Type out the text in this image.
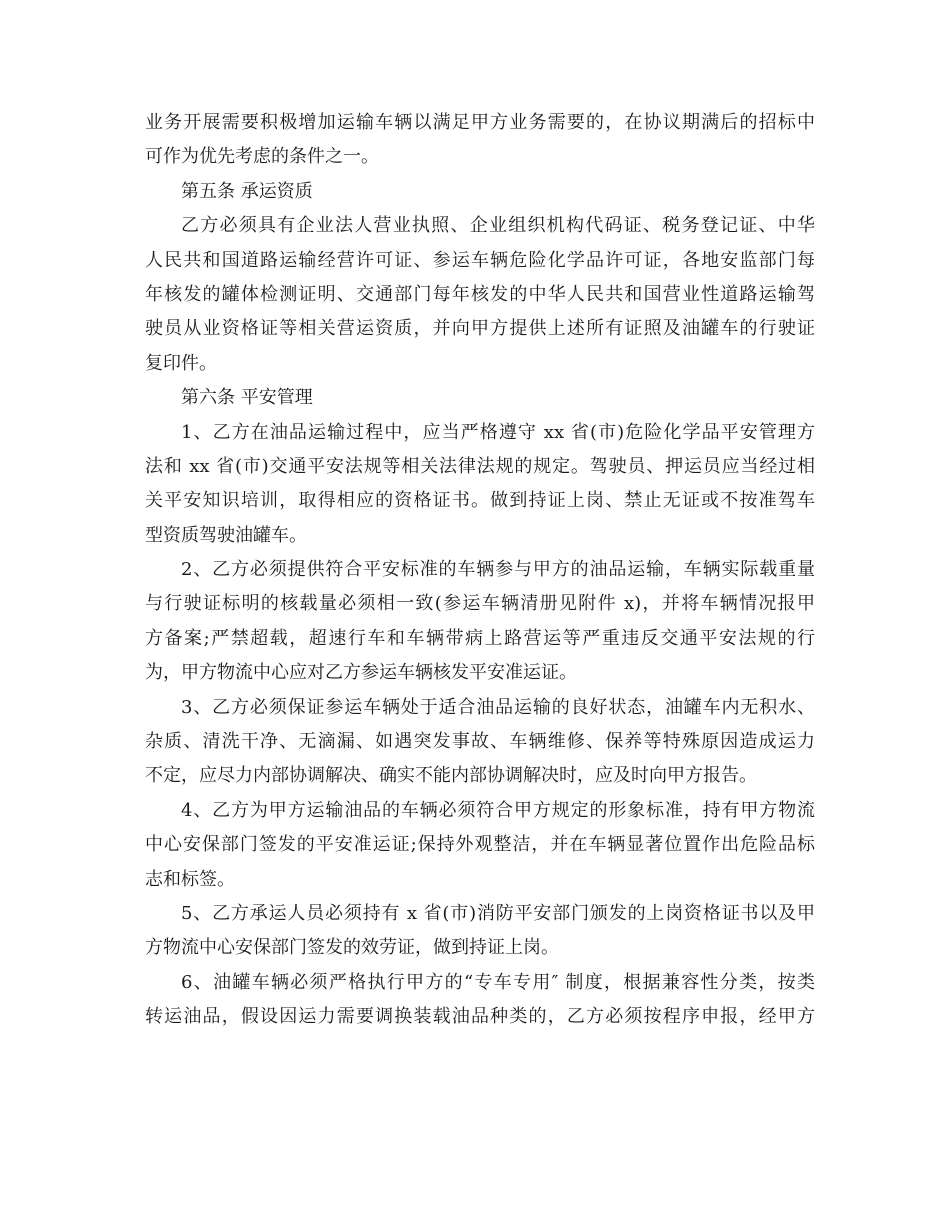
业务开展需要积极增加运输车辆以满足甲方业务需要的，在协议期满后的招标中
可作为优先考虑的条件之一。
第五条 承运资质
乙方必须具有企业法人营业执照、企业组织机构代码证、税务登记证、中华
人民共和国道路运输经营许可证、参运车辆危险化学品许可证，各地安监部门每
年核发的罐体检测证明、交通部门每年核发的中华人民共和国营业性道路运输驾
驶员从业资格证等相关营运资质，并向甲方提供上述所有证照及油罐车的行驶证
复印件。
第六条 平安管理
1、乙方在油品运输过程中，应当严格遵守 xx 省(市)危险化学品平安管理方
法和 xx 省(市)交通平安法规等相关法律法规的规定。驾驶员、押运员应当经过相
关平安知识培训，取得相应的资格证书。做到持证上岗、禁止无证或不按准驾车
型资质驾驶油罐车。
2、乙方必须提供符合平安标准的车辆参与甲方的油品运输，车辆实际载重量
与行驶证标明的核载量必须相一致(参运车辆清册见附件 x)，并将车辆情况报甲
方备案;严禁超载，超速行车和车辆带病上路营运等严重违反交通平安法规的行
为，甲方物流中心应对乙方参运车辆核发平安准运证。
3、乙方必须保证参运车辆处于适合油品运输的良好状态，油罐车内无积水、
杂质、清洗干净、无滴漏、如遇突发事故、车辆维修、保养等特殊原因造成运力
不定，应尽力内部协调解决、确实不能内部协调解决时，应及时向甲方报告。
4、乙方为甲方运输油品的车辆必须符合甲方规定的形象标准，持有甲方物流
中心安保部门签发的平安准运证;保持外观整洁，并在车辆显著位置作出危险品标
志和标签。
5、乙方承运人员必须持有 x 省(市)消防平安部门颁发的上岗资格证书以及甲
方物流中心安保部门签发的效劳证，做到持证上岗。
6、油罐车辆必须严格执行甲方的“专车专用″ 制度，根据兼容性分类，按类
转运油品，假设因运力需要调换装载油品种类的，乙方必须按程序申报，经甲方
